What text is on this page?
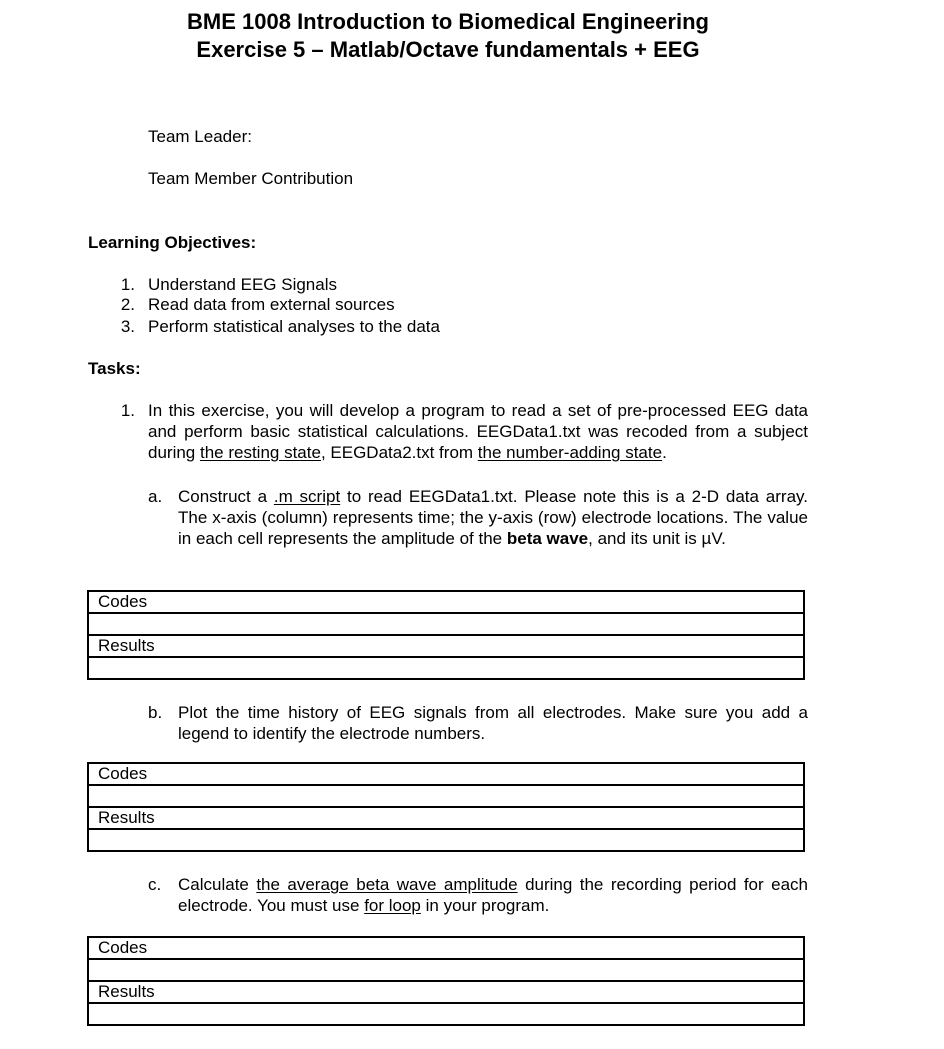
BME 1008 Introduction to Biomedical Engineering
Exercise 5 – Matlab/Octave fundamentals + EEG
Team Leader:
Team Member Contribution
Learning Objectives:
1. Understand EEG Signals
2. Read data from external sources
3. Perform statistical analyses to the data
Tasks:
1. In this exercise, you will develop a program to read a set of pre-processed EEG data and perform basic statistical calculations. EEGData1.txt was recoded from a subject during the resting state, EEGData2.txt from the number-adding state.
a. Construct a .m script to read EEGData1.txt. Please note this is a 2-D data array. The x-axis (column) represents time; the y-axis (row) electrode locations. The value in each cell represents the amplitude of the beta wave, and its unit is µV.
Codes
Results
b. Plot the time history of EEG signals from all electrodes. Make sure you add a legend to identify the electrode numbers.
Codes
Results
c. Calculate the average beta wave amplitude during the recording period for each electrode. You must use for loop in your program.
Codes
Results
